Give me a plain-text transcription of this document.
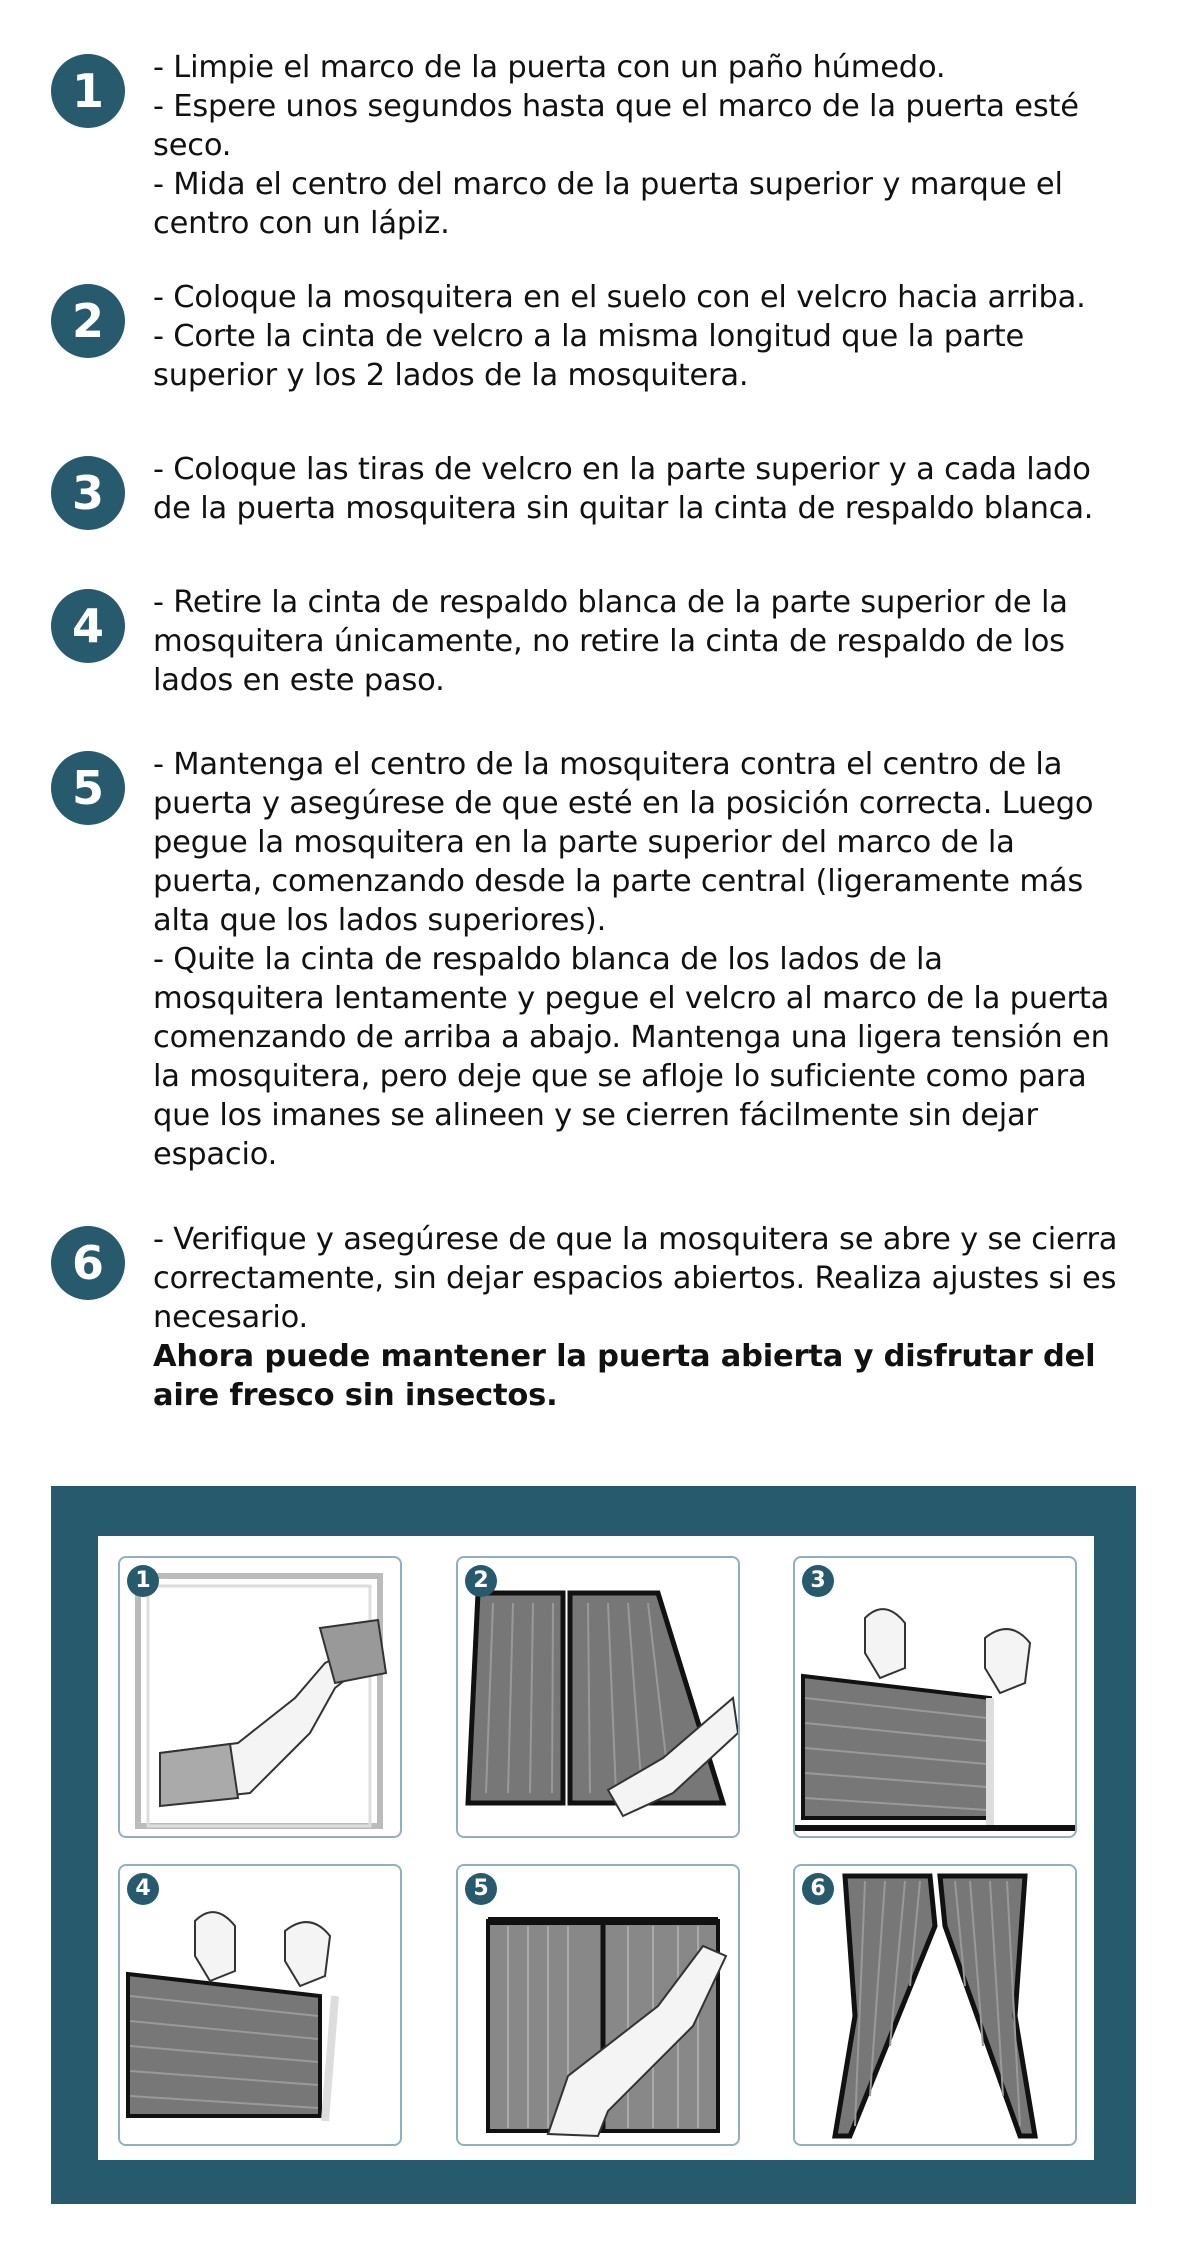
1	- Limpie el marco de la puerta con un paño húmedo.

- Espere unos segundos hasta que el marco de la puerta esté seco.

- Mida el centro del marco de la puerta superior y marque el centro con un lápiz.

2	- Coloque la mosquitera en el suelo con el velcro hacia arriba.

- Corte la cinta de velcro a la misma longitud que la parte superior y los 2 lados de la mosquitera.

3	- Coloque las tiras de velcro en la parte superior y a cada lado de la puerta mosquitera sin quitar la cinta de respaldo blanca.

4	- Retire la cinta de respaldo blanca de la parte superior de la mosquitera únicamente, no retire la cinta de respaldo de los lados en este paso.

5	- Mantenga el centro de la mosquitera contra el centro de la puerta y asegúrese de que esté en la posición correcta. Luego pegue la mosquitera en la parte superior del marco de la puerta, comenzando desde la parte central (ligeramente más alta que los lados superiores).

- Quite la cinta de respaldo blanca de los lados de la mosquitera lentamente y pegue el velcro al marco de la puerta comenzando de arriba a abajo. Mantenga una ligera tensión en la mosquitera, pero deje que se afloje lo suficiente como para que los imanes se alineen y se cierren fácilmente sin dejar espacio.

6	- Verifique y asegúrese de que la mosquitera se abre y se cierra correctamente, sin dejar espacios abiertos. Realiza ajustes si es necesario.

Ahora puede mantener la puerta abierta y disfrutar del aire fresco sin insectos.

1	2	3
4	5	6
